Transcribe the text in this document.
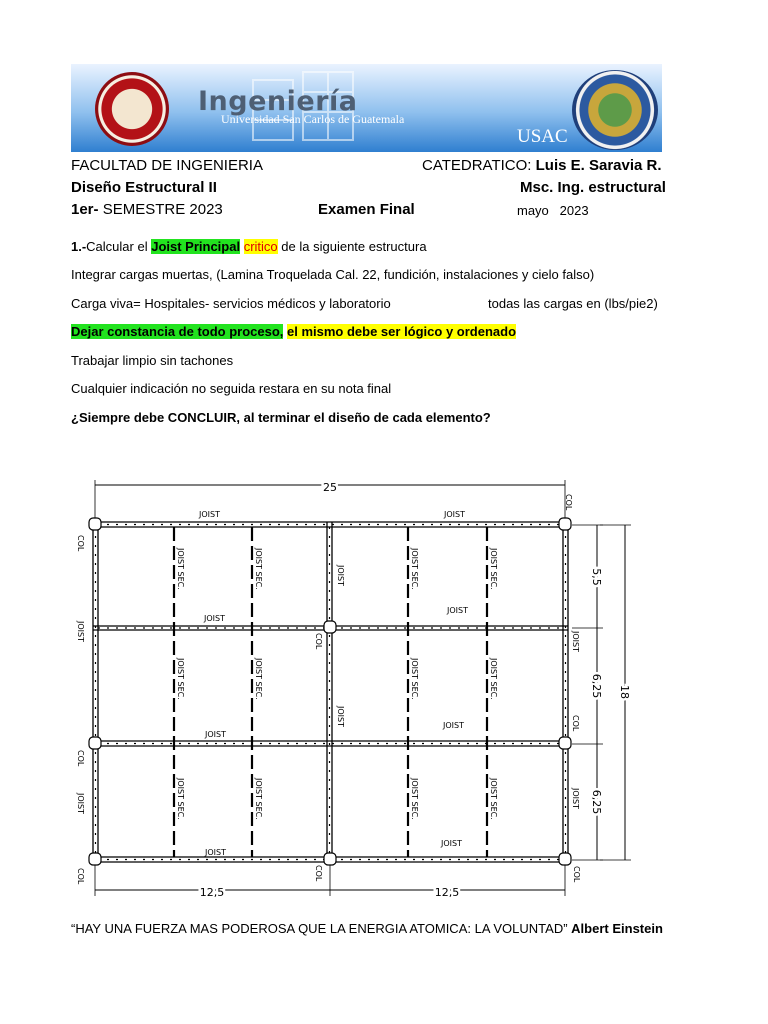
Ingeniería
Universidad San Carlos de Guatemala
USAC
FACULTAD DE INGENIERIA	CATEDRATICO: Luis E. Saravia R.
Diseño Estructural II	Msc. Ing. estructural
1er- SEMESTRE 2023	Examen Final	mayo   2023
1.-Calcular el Joist Principal critico de la siguiente estructura
Integrar cargas muertas, (Lamina Troquelada Cal. 22, fundición, instalaciones y cielo falso)
Carga viva= Hospitales- servicios médicos y laboratorio	todas las cargas en (lbs/pie2)
Dejar constancia de todo proceso, el mismo debe ser lógico y ordenado
Trabajar limpio sin tachones
Cualquier indicación no seguida restara en su nota final
¿Siempre debe CONCLUIR, al terminar el diseño de cada elemento?
25
12,5	12,5
5,5
6,25
6,25
18
JOIST	JOIST
JOIST
JOIST
JOIST
JOIST
JOIST
JOIST
JOIST
JOIST
JOIST
JOIST
JOIST
JOIST
JOIST SEC.	JOIST SEC.	JOIST SEC.	JOIST SEC.
JOIST SEC.	JOIST SEC.	JOIST SEC.	JOIST SEC.
JOIST SEC.	JOIST SEC.	JOIST SEC.	JOIST SEC.
COL
COL
COL
COL
COL
COL
COL
COL
“HAY UNA FUERZA MAS PODEROSA QUE LA ENERGIA ATOMICA: LA VOLUNTAD” Albert Einstein
